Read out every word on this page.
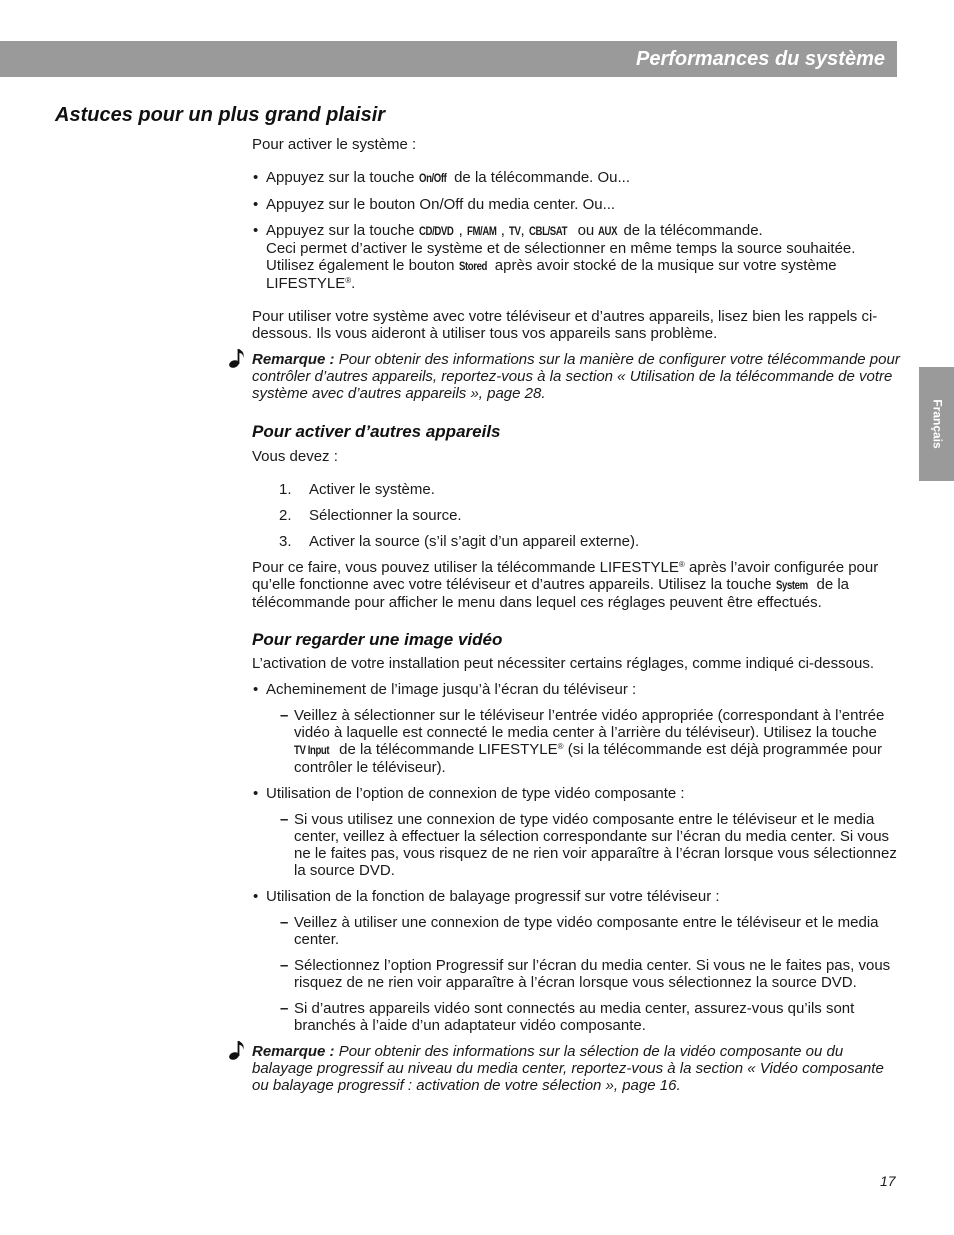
Performances du système
Français
Astuces pour un plus grand plaisir

Pour activer le système :

• Appuyez sur la touche On/Off de la télécommande. Ou...

• Appuyez sur le bouton On/Off du media center. Ou...

• Appuyez sur la touche CD/DVD , FM/AM , TV, CBL/SAT ou AUX de la télécommande.
Ceci permet d’activer le système et de sélectionner en même temps la source souhaitée.
Utilisez également le bouton Stored après avoir stocké de la musique sur votre système
LIFESTYLE®.

Pour utiliser votre système avec votre téléviseur et d’autres appareils, lisez bien les rappels ci-dessous. Ils vous aideront à utiliser tous vos appareils sans problème.

Remarque : Pour obtenir des informations sur la manière de configurer votre télécommande pour contrôler d’autres appareils, reportez-vous à la section « Utilisation de la télécommande de votre système avec d’autres appareils », page 28.

Pour activer d’autres appareils

Vous devez :

1. Activer le système.

2. Sélectionner la source.

3. Activer la source (s’il s’agit d’un appareil externe).

Pour ce faire, vous pouvez utiliser la télécommande LIFESTYLE® après l’avoir configurée pour qu’elle fonctionne avec votre téléviseur et d’autres appareils. Utilisez la touche System de la télécommande pour afficher le menu dans lequel ces réglages peuvent être effectués.

Pour regarder une image vidéo

L’activation de votre installation peut nécessiter certains réglages, comme indiqué ci-dessous.

• Acheminement de l’image jusqu’à l’écran du téléviseur :

– Veillez à sélectionner sur le téléviseur l’entrée vidéo appropriée (correspondant à l’entrée vidéo à laquelle est connecté le media center à l’arrière du téléviseur). Utilisez la touche TV Input de la télécommande LIFESTYLE® (si la télécommande est déjà programmée pour contrôler le téléviseur).

• Utilisation de l’option de connexion de type vidéo composante :

– Si vous utilisez une connexion de type vidéo composante entre le téléviseur et le media center, veillez à effectuer la sélection correspondante sur l’écran du media center. Si vous ne le faites pas, vous risquez de ne rien voir apparaître à l’écran lorsque vous sélectionnez la source DVD.

• Utilisation de la fonction de balayage progressif sur votre téléviseur :

– Veillez à utiliser une connexion de type vidéo composante entre le téléviseur et le media center.

– Sélectionnez l’option Progressif sur l’écran du media center. Si vous ne le faites pas, vous risquez de ne rien voir apparaître à l’écran lorsque vous sélectionnez la source DVD.

– Si d’autres appareils vidéo sont connectés au media center, assurez-vous qu’ils sont branchés à l’aide d’un adaptateur vidéo composante.

Remarque : Pour obtenir des informations sur la sélection de la vidéo composante ou du balayage progressif au niveau du media center, reportez-vous à la section « Vidéo composante ou balayage progressif : activation de votre sélection », page 16.

17
